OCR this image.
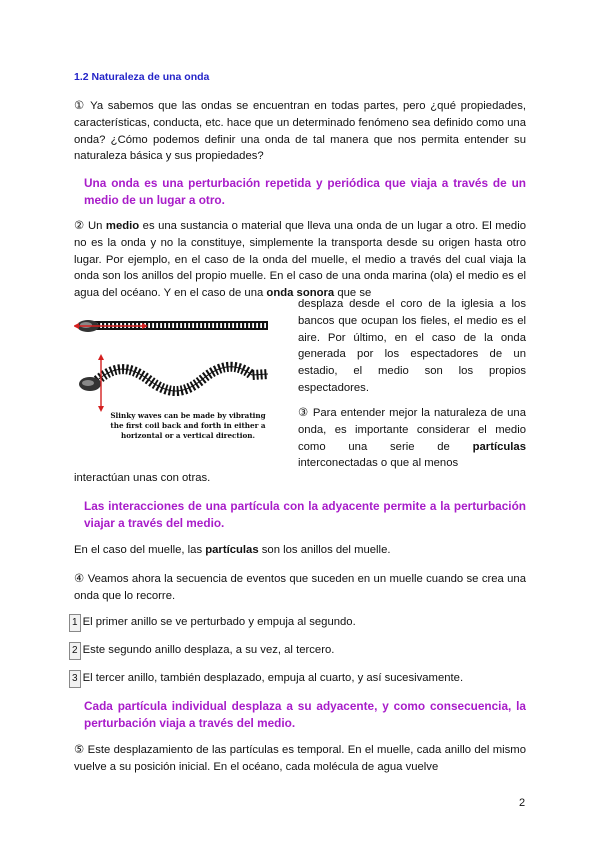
1.2 Naturaleza de una onda

① Ya sabemos que las ondas se encuentran en todas partes, pero ¿qué propiedades, características, conducta, etc. hace que un determinado fenómeno sea definido como una onda? ¿Cómo podemos definir una onda de tal manera que nos permita entender su naturaleza básica y sus propiedades?

Una onda es una perturbación repetida y periódica que viaja a través de un medio de un lugar a otro.

② Un medio es una sustancia o material que lleva una onda de un lugar a otro. El medio no es la onda y no la constituye, simplemente la transporta desde su origen hasta otro lugar. Por ejemplo, en el caso de la onda del muelle, el medio a través del cual viaja la onda son los anillos del propio muelle. En el caso de una onda marina (ola) el medio es el agua del océano. Y en el caso de una onda sonora que se

desplaza desde el coro de la iglesia a los bancos que ocupan los fieles, el medio es el aire. Por último, en el caso de la onda generada por los espectadores de un estadio, el medio son los propios espectadores.

Slinky waves can be made by vibrating the first coil back and forth in either a horizontal or a vertical direction.

③ Para entender mejor la naturaleza de una onda, es importante considerar el medio como una serie de partículas interconectadas o que al menos

interactúan unas con otras.

Las interacciones de una partícula con la adyacente permite a la perturbación viajar a través del medio.

En el caso del muelle, las partículas son los anillos del muelle.

④ Veamos ahora la secuencia de eventos que suceden en un muelle cuando se crea una onda que lo recorre.

1 El primer anillo se ve perturbado y empuja al segundo.

2 Este segundo anillo desplaza, a su vez, al tercero.

3 El tercer anillo, también desplazado, empuja al cuarto, y así sucesivamente.

Cada partícula individual desplaza a su adyacente, y como consecuencia, la perturbación viaja a través del medio.

⑤ Este desplazamiento de las partículas es temporal. En el muelle, cada anillo del mismo vuelve a su posición inicial. En el océano, cada molécula de agua vuelve

2
